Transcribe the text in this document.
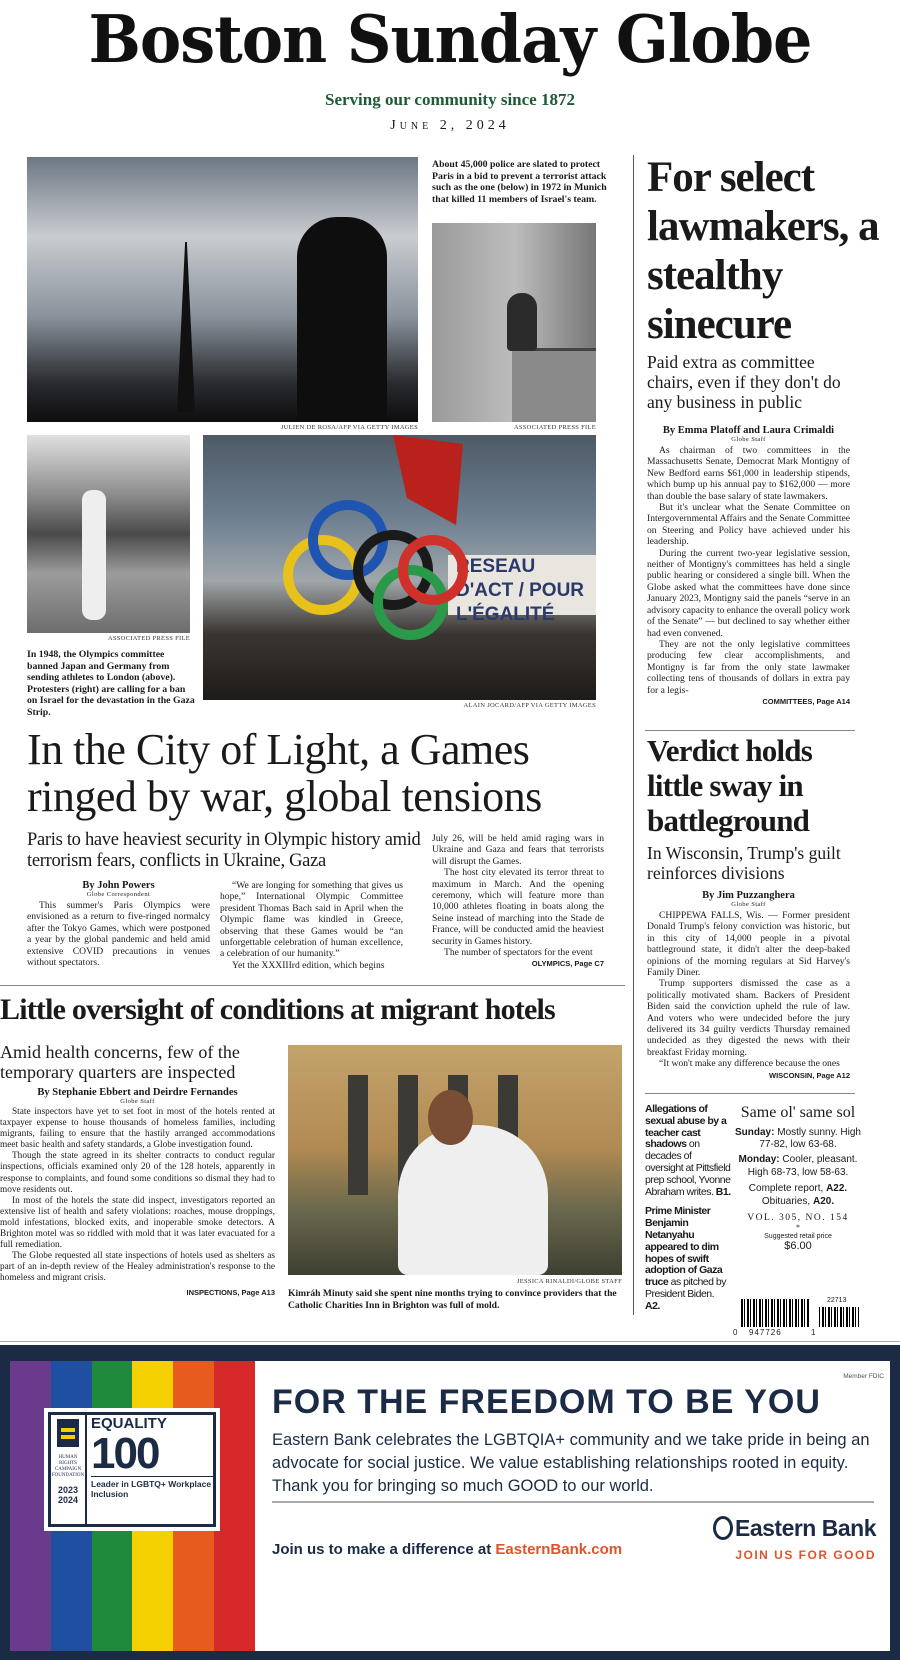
Boston Sunday Globe
Serving our community since 1872
June 2, 2024
JULIEN DE ROSA/AFP VIA GETTY IMAGES
About 45,000 police are slated to protect Paris in a bid to prevent a terrorist attack such as the one (below) in 1972 in Munich that killed 11 members of Israel's team.
ASSOCIATED PRESS FILE
ASSOCIATED PRESS FILE
In 1948, the Olympics committee banned Japan and Germany from sending athletes to London (above). Protesters (right) are calling for a ban on Israel for the devastation in the Gaza Strip.
RESEAU D'ACT / POUR L'ÉGALITÉ
ALAIN JOCARD/AFP VIA GETTY IMAGES
In the City of Light, a Games ringed by war, global tensions
Paris to have heaviest security in Olympic history amid terrorism fears, conflicts in Ukraine, Gaza
By John Powers
Globe Correspondent

This summer's Paris Olympics were envisioned as a return to five-ringed normalcy after the Tokyo Games, which were postponed a year by the global pandemic and held amid extensive COVID precautions in venues without spectators.

“We are longing for something that gives us hope,” International Olympic Committee president Thomas Bach said in April when the Olympic flame was kindled in Greece, observing that these Games would be “an unforgettable celebration of human excellence, a celebration of our humanity.”

Yet the XXXIIIrd edition, which begins

July 26, will be held amid raging wars in Ukraine and Gaza and fears that terrorists will disrupt the Games.

The host city elevated its terror threat to maximum in March. And the opening ceremony, which will feature more than 10,000 athletes floating in boats along the Seine instead of marching into the Stade de France, will be conducted amid the heaviest security in Games history.

The number of spectators for the event

OLYMPICS, Page C7
Little oversight of conditions at migrant hotels
Amid health concerns, few of the temporary quarters are inspected
By Stephanie Ebbert and Deirdre Fernandes
Globe Staff

State inspectors have yet to set foot in most of the hotels rented at taxpayer expense to house thousands of homeless families, including migrants, failing to ensure that the hastily arranged accommodations meet basic health and safety standards, a Globe investigation found.

Though the state agreed in its shelter contracts to conduct regular inspections, officials examined only 20 of the 128 hotels, apparently in response to complaints, and found some conditions so dismal they had to move residents out.

In most of the hotels the state did inspect, investigators reported an extensive list of health and safety violations: roaches, mouse droppings, mold infestations, blocked exits, and inoperable smoke detectors. A Brighton motel was so riddled with mold that it was later evacuated for a full remediation.

The Globe requested all state inspections of hotels used as shelters as part of an in-depth review of the Healey administration's response to the homeless and migrant crisis.

INSPECTIONS, Page A13
JESSICA RINALDI/GLOBE STAFF
Kimráh Minuty said she spent nine months trying to convince providers that the Catholic Charities Inn in Brighton was full of mold.
For select lawmakers, a stealthy sinecure
Paid extra as committee chairs, even if they don't do any business in public
By Emma Platoff and Laura Crimaldi
Globe Staff

As chairman of two committees in the Massachusetts Senate, Democrat Mark Montigny of New Bedford earns $61,000 in leadership stipends, which bump up his annual pay to $162,000 — more than double the base salary of state lawmakers.

But it's unclear what the Senate Committee on Intergovernmental Affairs and the Senate Committee on Steering and Policy have achieved under his leadership.

During the current two-year legislative session, neither of Montigny's committees has held a single public hearing or considered a single bill. When the Globe asked what the committees have done since January 2023, Montigny said the panels “serve in an advisory capacity to enhance the overall policy work of the Senate” — but declined to say whether either had even convened.

They are not the only legislative committees producing few clear accomplishments, and Montigny is far from the only state lawmaker collecting tens of thousands of dollars in extra pay for a legis-

COMMITTEES, Page A14
Verdict holds little sway in battleground
In Wisconsin, Trump's guilt reinforces divisions
By Jim Puzzanghera
Globe Staff

CHIPPEWA FALLS, Wis. — Former president Donald Trump's felony conviction was historic, but in this city of 14,000 people in a pivotal battleground state, it didn't alter the deep-baked opinions of the morning regulars at Sid Harvey's Family Diner.

Trump supporters dismissed the case as a politically motivated sham. Backers of President Biden said the conviction upheld the rule of law. And voters who were undecided before the jury delivered its 34 guilty verdicts Thursday remained undecided as they digested the news with their breakfast Friday morning.

“It won't make any difference because the ones

WISCONSIN, Page A12
Allegations of sexual abuse by a teacher cast shadows on decades of oversight at Pittsfield prep school, Yvonne Abraham writes. B1.
Prime Minister Benjamin Netanyahu appeared to dim hopes of swift adoption of Gaza truce as pitched by President Biden. A2.
Same ol' same sol
Sunday: Mostly sunny. High 77-82, low 63-68.
Monday: Cooler, pleasant. High 68-73, low 58-63.
Complete report, A22.
Obituaries, A20.
VOL. 305, NO. 154
*
Suggested retail price
$6.00
22713
0 947726	1
HUMAN RIGHTS CAMPAIGN FOUNDATION
2023 2024
EQUALITY
100
Leader in LGBTQ+ Workplace Inclusion
Member FDIC
FOR THE FREEDOM TO BE YOU
Eastern Bank celebrates the LGBTQIA+ community and we take pride in being an advocate for social justice. We value establishing relationships rooted in equity. Thank you for bringing so much GOOD to our world.
Join us to make a difference at EasternBank.com
Eastern Bank
JOIN US FOR GOOD
